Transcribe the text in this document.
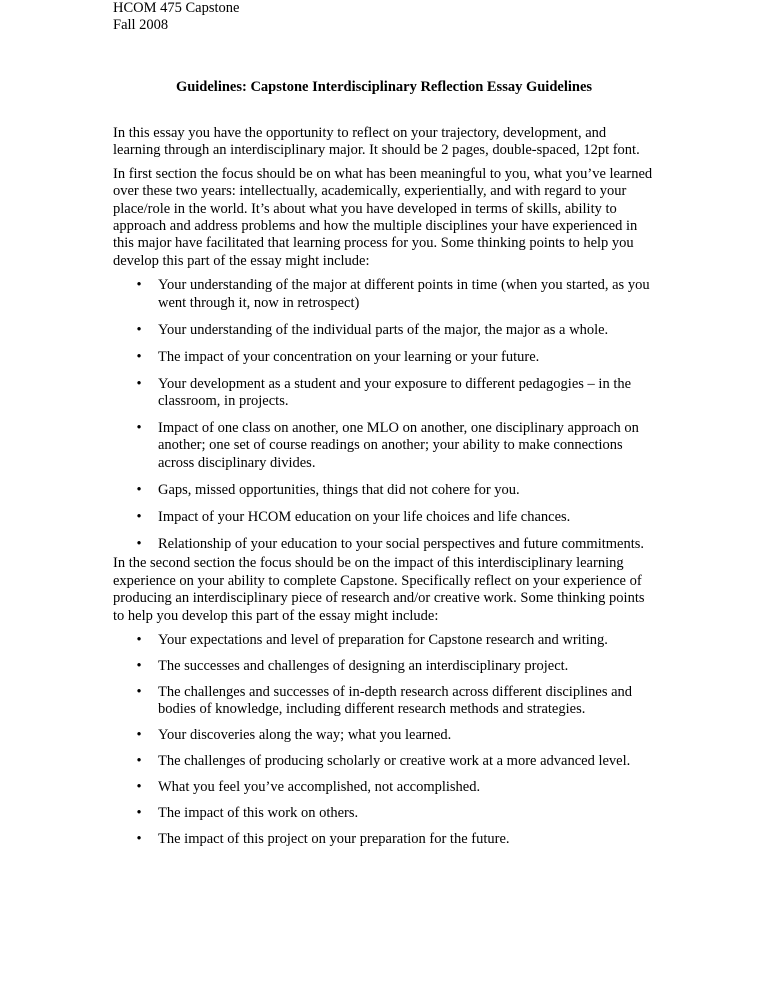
HCOM 475 Capstone
Fall 2008
Guidelines: Capstone Interdisciplinary Reflection Essay Guidelines

In this essay you have the opportunity to reflect on your trajectory, development, and learning through an interdisciplinary major. It should be 2 pages, double-spaced, 12pt font.

In first section the focus should be on what has been meaningful to you, what you’ve learned over these two years: intellectually, academically, experientially, and with regard to your place/role in the world. It’s about what you have developed in terms of skills, ability to approach and address problems and how the multiple disciplines your have experienced in this major have facilitated that learning process for you. Some thinking points to help you develop this part of the essay might include:

• Your understanding of the major at different points in time (when you started, as you went through it, now in retrospect)
• Your understanding of the individual parts of the major, the major as a whole.
• The impact of your concentration on your learning or your future.
• Your development as a student and your exposure to different pedagogies – in the classroom, in projects.
• Impact of one class on another, one MLO on another, one disciplinary approach on another; one set of course readings on another; your ability to make connections across disciplinary divides.
• Gaps, missed opportunities, things that did not cohere for you.
• Impact of your HCOM education on your life choices and life chances.
• Relationship of your education to your social perspectives and future commitments.

In the second section the focus should be on the impact of this interdisciplinary learning experience on your ability to complete Capstone. Specifically reflect on your experience of producing an interdisciplinary piece of research and/or creative work. Some thinking points to help you develop this part of the essay might include:

• Your expectations and level of preparation for Capstone research and writing.
• The successes and challenges of designing an interdisciplinary project.
• The challenges and successes of in-depth research across different disciplines and bodies of knowledge, including different research methods and strategies.
• Your discoveries along the way; what you learned.
• The challenges of producing scholarly or creative work at a more advanced level.
• What you feel you’ve accomplished, not accomplished.
• The impact of this work on others.
• The impact of this project on your preparation for the future.
